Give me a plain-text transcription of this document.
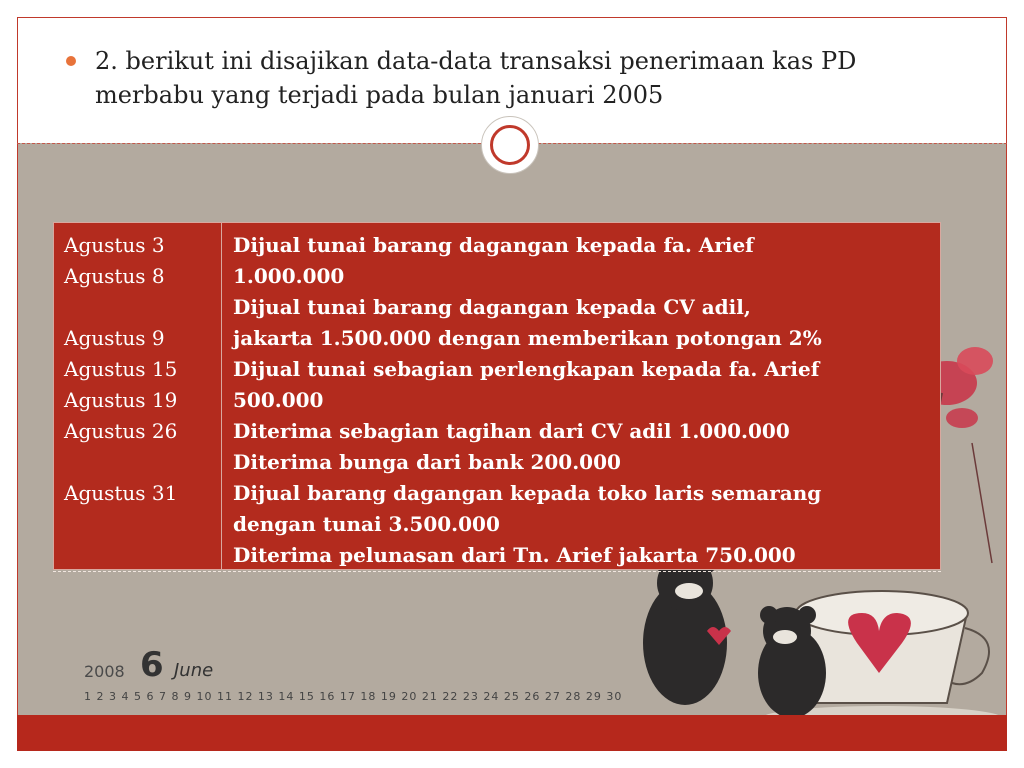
2. berikut ini disajikan data-data transaksi penerimaan kas PD
merbabu yang terjadi pada bulan januari 2005
Agustus 3
Agustus 8
Agustus 9
Agustus 15
Agustus 19
Agustus 26
Agustus 31
Dijual tunai barang dagangan kepada fa. Arief
1.000.000
Dijual tunai barang dagangan kepada CV adil,
jakarta 1.500.000 dengan memberikan potongan 2%
Dijual tunai sebagian perlengkapan kepada fa. Arief
500.000
Diterima sebagian tagihan dari CV adil 1.000.000
Diterima bunga dari bank 200.000
Dijual barang dagangan kepada toko laris semarang
dengan tunai 3.500.000
Diterima pelunasan dari Tn. Arief jakarta 750.000
2008 6 June
1 2 3 4 5 6 7 8 9 10 11 12 13 14 15 16 17 18 19 20 21 22 23 24 25 26 27 28 29 30
